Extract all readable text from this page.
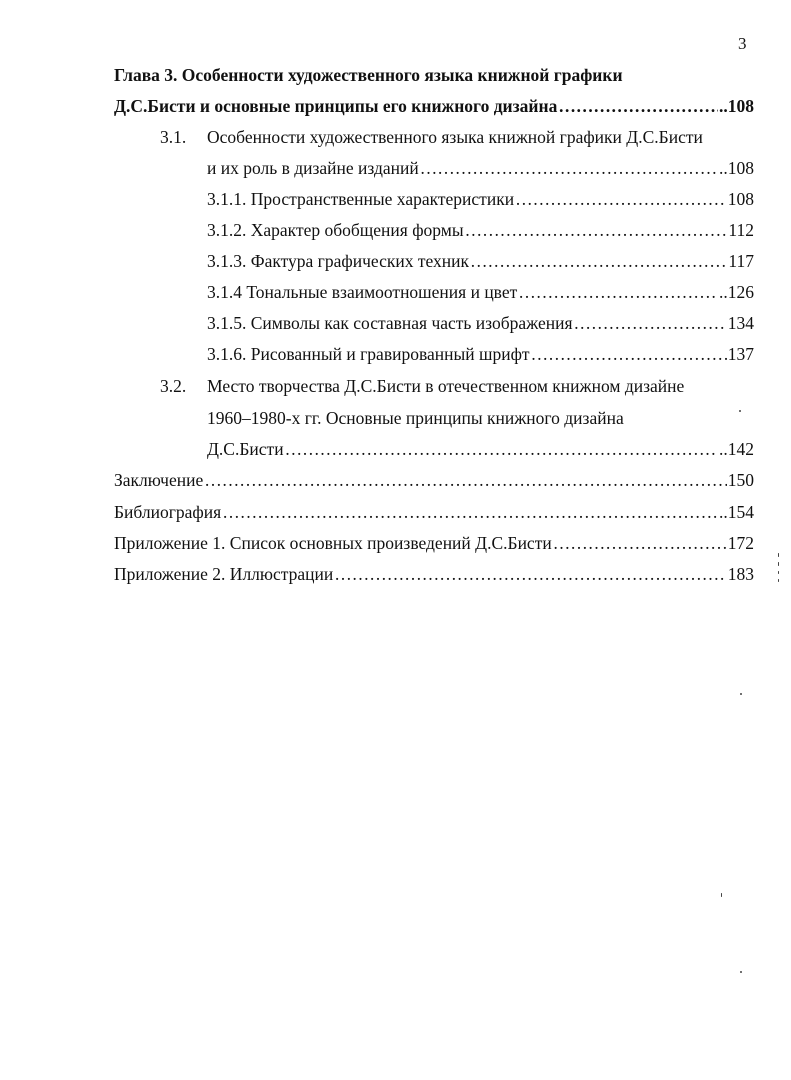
3
Глава 3. Особенности художественного языка книжной графики
Д.С.Бисти и основные принципы его книжного дизайна ……………………………………………………………………………………………………………………………………………………………………………………………………	..108
3.1. Особенности художественного языка книжной графики Д.С.Бисти
и их роль в дизайне изданий ……………………………………………………………………………………………………………………………………………………………………………………………………	..108
3.1.1. Пространственные характеристики ……………………………………………………………………………………………………………………………………………………………………………………………………	108
3.1.2. Характер обобщения формы ……………………………………………………………………………………………………………………………………………………………………………………………………	112
3.1.3. Фактура графических техник ……………………………………………………………………………………………………………………………………………………………………………………………………	117
3.1.4 Тональные взаимоотношения и цвет ……………………………………………………………………………………………………………………………………………………………………………………………………	..126
3.1.5. Символы как составная часть изображения ……………………………………………………………………………………………………………………………………………………………………………………………………	134
3.1.6. Рисованный и гравированный шрифт ……………………………………………………………………………………………………………………………………………………………………………………………………	137
3.2. Место творчества Д.С.Бисти в отечественном книжном дизайне
1960–1980-х гг. Основные принципы книжного дизайна
Д.С.Бисти ……………………………………………………………………………………………………………………………………………………………………………………………………	..142
Заключение ……………………………………………………………………………………………………………………………………………………………………………………………………	150
Библиография ……………………………………………………………………………………………………………………………………………………………………………………………………	..154
Приложение 1. Список основных произведений Д.С.Бисти ……………………………………………………………………………………………………………………………………………………………………………………………………	172
Приложение 2. Иллюстрации ……………………………………………………………………………………………………………………………………………………………………………………………………	183
